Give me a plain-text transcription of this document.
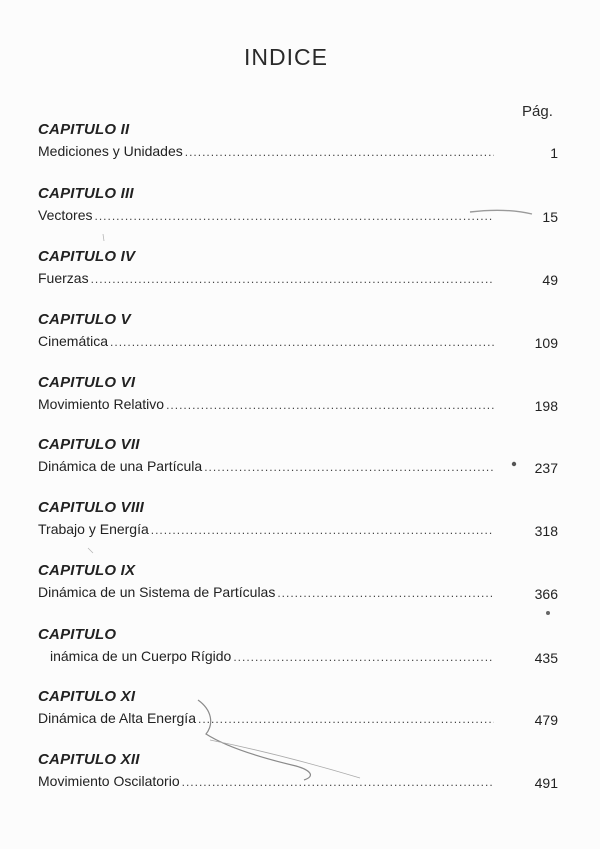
INDICE
Pág.
CAPITULO II
Mediciones y Unidades .....	1
CAPITULO III
Vectores .....	15
CAPITULO IV
Fuerzas .....	49
CAPITULO V
Cinemática .....	109
CAPITULO VI
Movimiento Relativo .....	198
CAPITULO VII
Dinámica de una Partícula .....	237
CAPITULO VIII
Trabajo y Energía .....	318
CAPITULO IX
Dinámica de un Sistema de Partículas .....	366
CAPITULO
inámica de un Cuerpo Rígido .....	435
CAPITULO XI
Dinámica de Alta Energía .....	479
CAPITULO XII
Movimiento Oscilatorio .....	491
